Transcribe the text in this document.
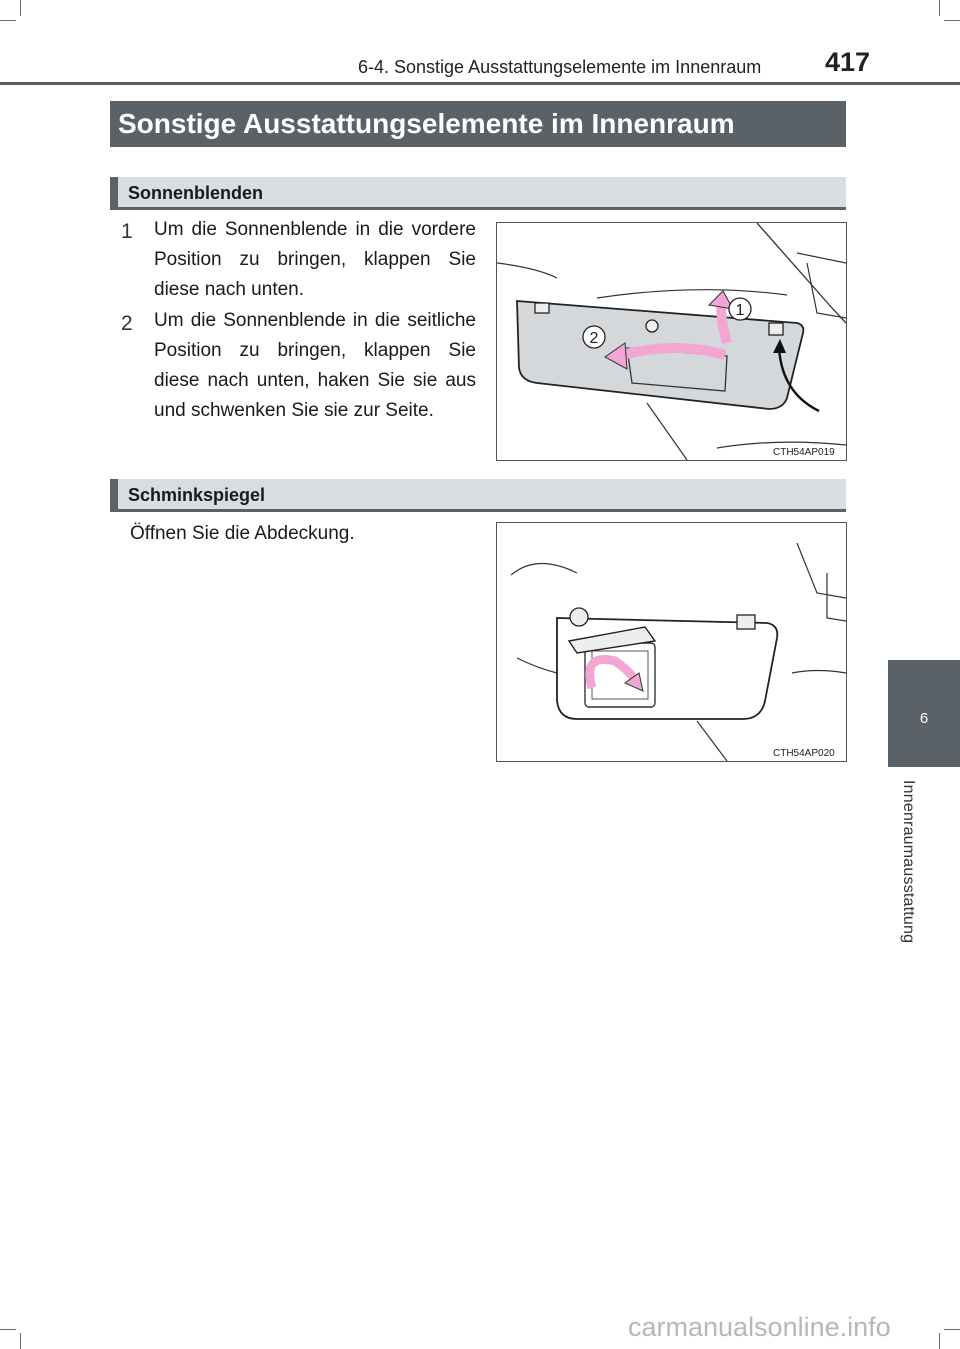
6-4. Sonstige Ausstattungselemente im Innenraum 417
Sonstige Ausstattungselemente im Innenraum
Sonnenblenden
1 Um die Sonnenblende in die vordere Position zu bringen, klappen Sie diese nach unten.
2 Um die Sonnenblende in die seitliche Position zu bringen, klappen Sie diese nach unten, haken Sie sie aus und schwenken Sie sie zur Seite.
1
2
CTH54AP019
Schminkspiegel
Öffnen Sie die Abdeckung.
CTH54AP020
6
Innenraumausstattung
carmanualsonline.info
